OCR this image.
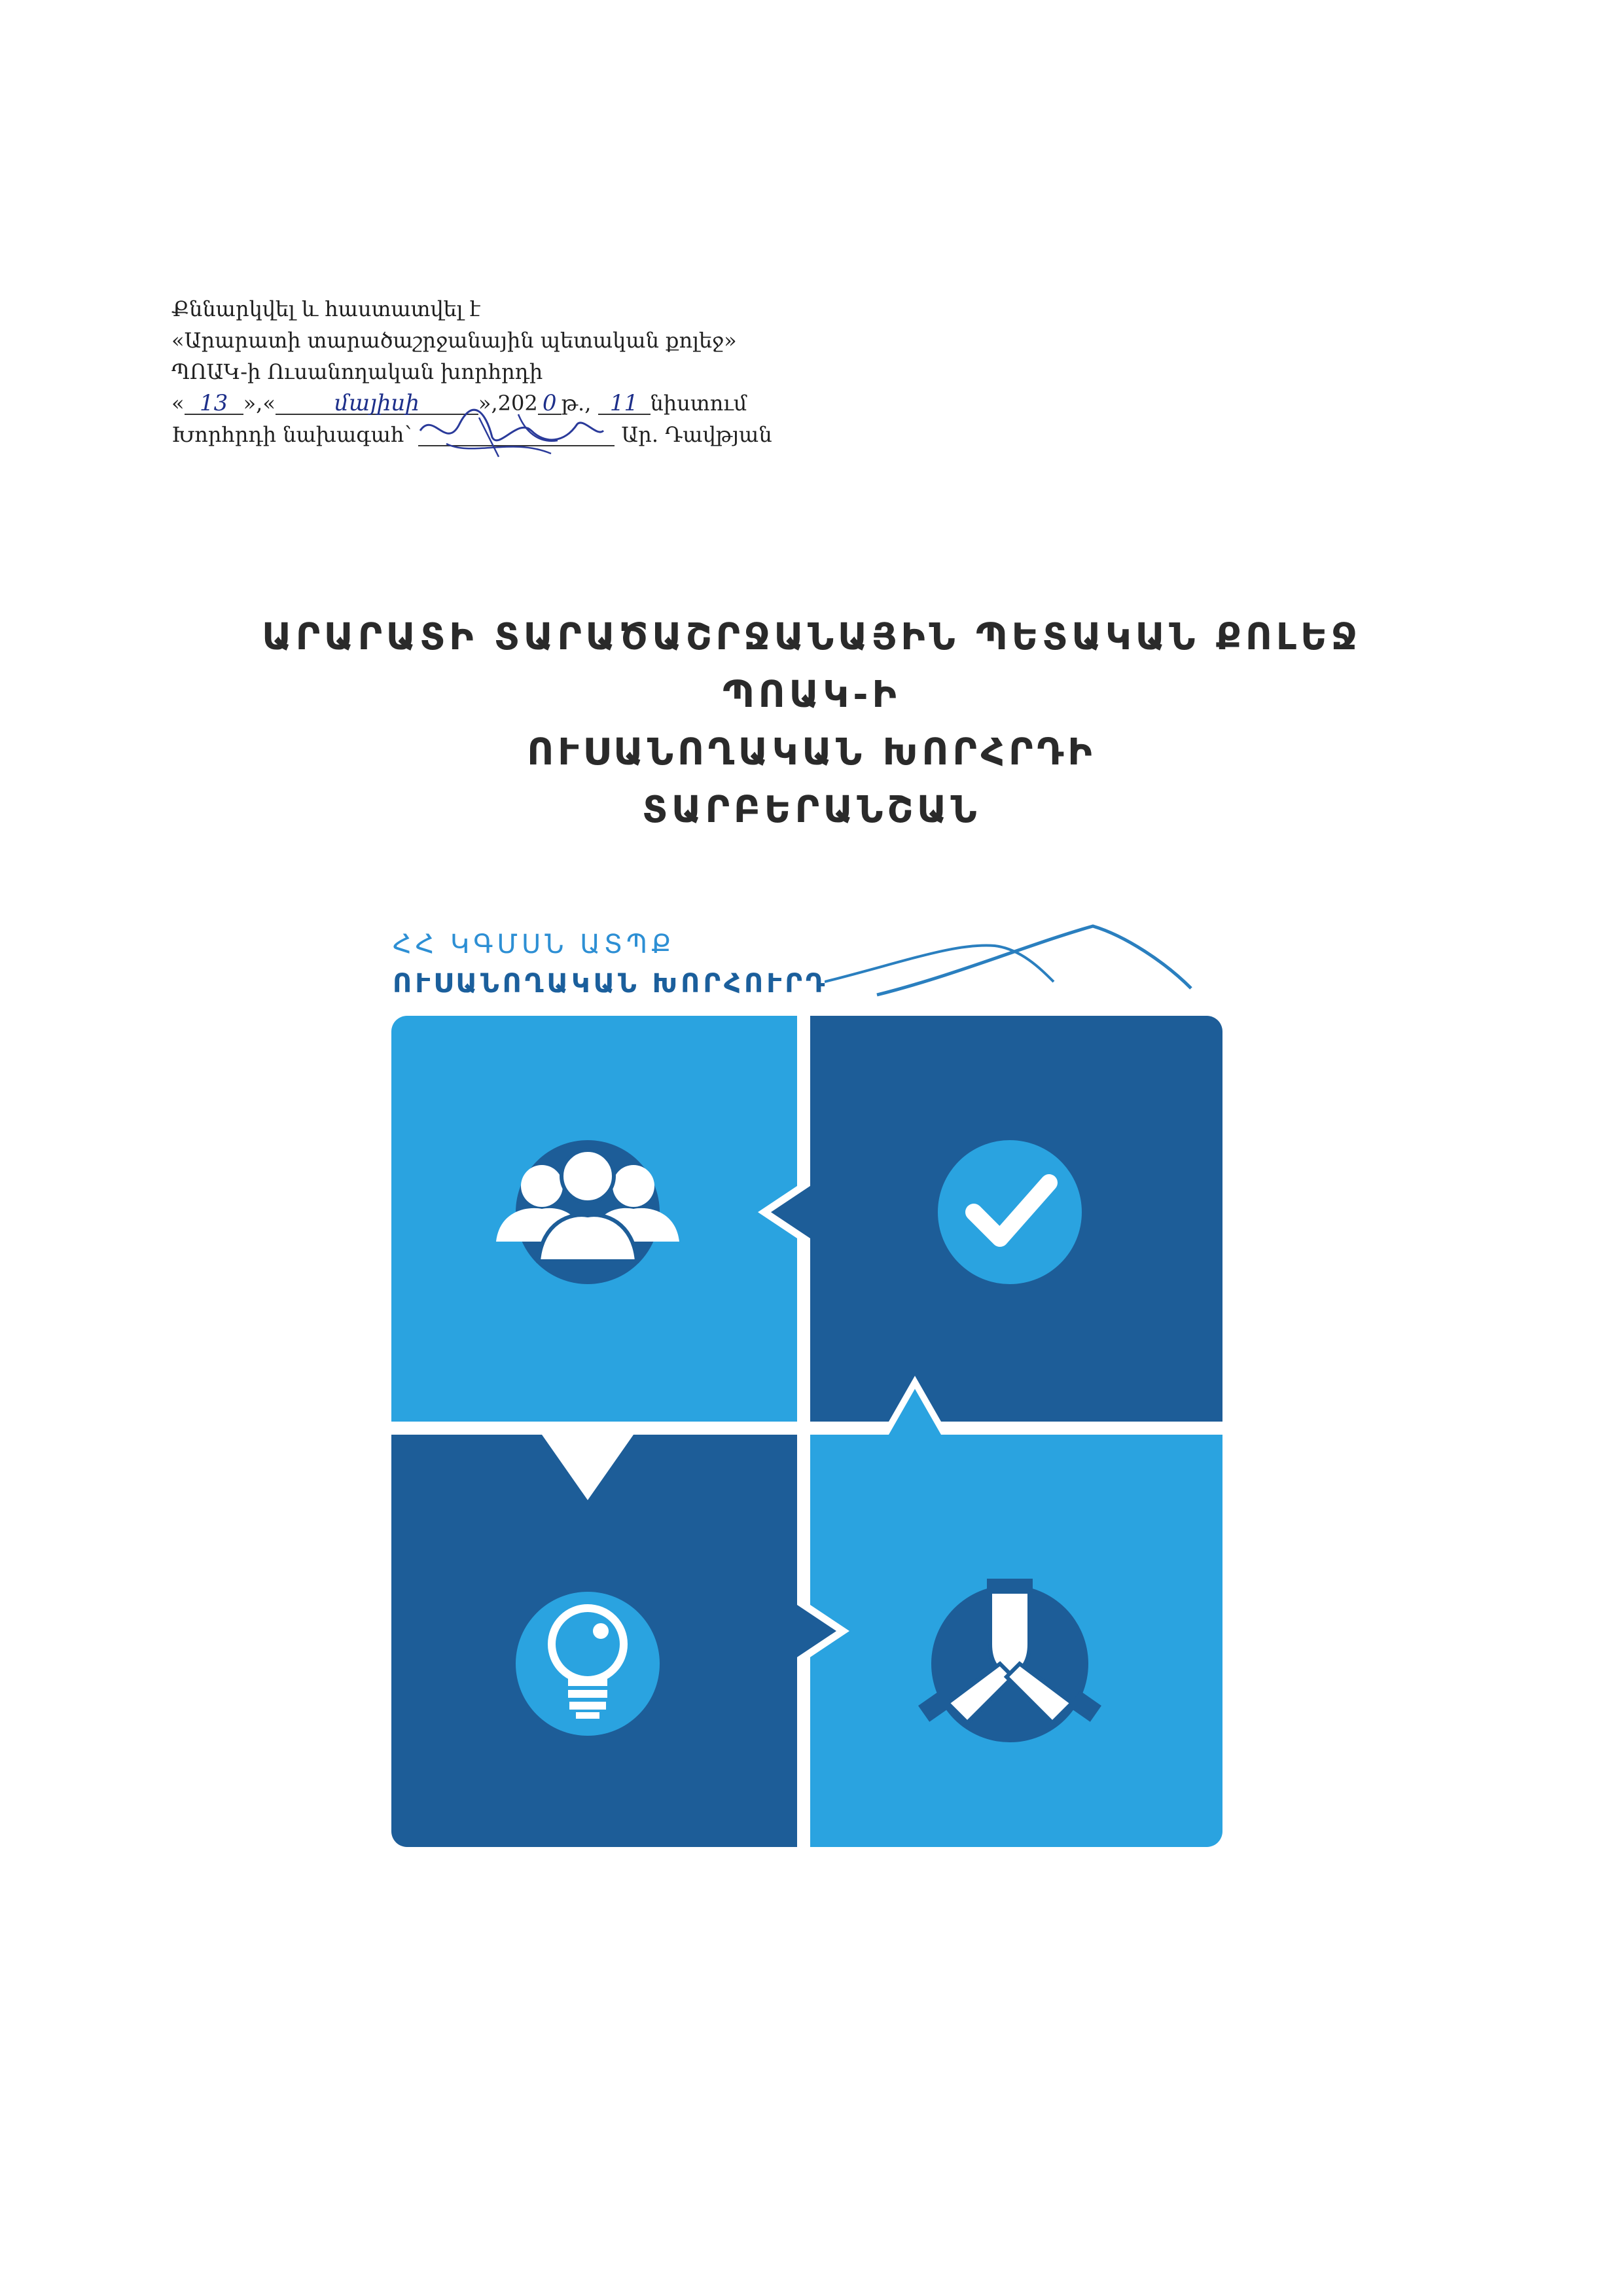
Քննարկվել և հաստատվել է
«Արարատի տարածաշրջանային պետական քոլեջ»
ՊՈԱԿ-ի Ուսանողական խորհրդի
« 13 »,«	մայիսի	»,202 0 թ., 11 նիստում
Խորհրդի նախագահ՝	Ար. Դավթյան
ԱՐԱՐԱՏԻ ՏԱՐԱԾԱՇՐՋԱՆԱՅԻՆ ՊԵՏԱԿԱՆ ՔՈԼԵՋ
ՊՈԱԿ-Ի
ՈՒՍԱՆՈՂԱԿԱՆ ԽՈՐՀՐԴԻ
ՏԱՐԲԵՐԱՆՇԱՆ
ՀՀ ԿԳՄՍՆ ԱՏՊՔ
ՈՒՍԱՆՈՂԱԿԱՆ ԽՈՐՀՈՒՐԴ
